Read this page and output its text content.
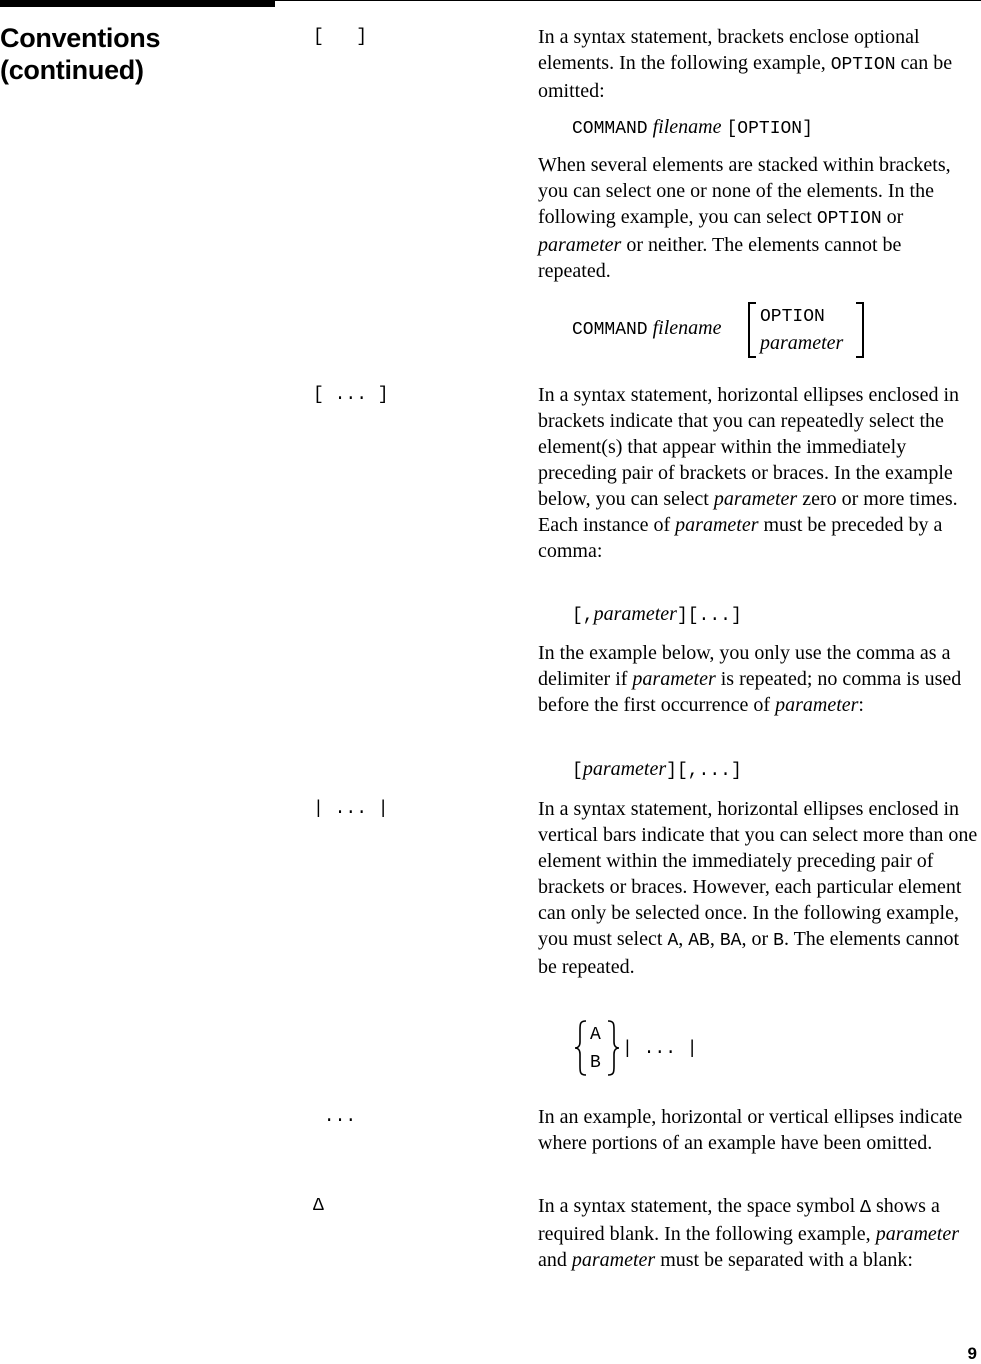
Conventions
(continued)
[   ]	In a syntax statement, brackets enclose optional elements. In the following example, OPTION can be omitted:

COMMAND filename [OPTION]

When several elements are stacked within brackets, you can select one or none of the elements. In the following example, you can select OPTION or parameter or neither. The elements cannot be repeated.

COMMAND filename OPTION
parameter
[ ... ]	In a syntax statement, horizontal ellipses enclosed in brackets indicate that you can repeatedly select the element(s) that appear within the immediately preceding pair of brackets or braces. In the example below, you can select parameter zero or more times. Each instance of parameter must be preceded by a comma:

[,parameter][...]

In the example below, you only use the comma as a delimiter if parameter is repeated; no comma is used before the first occurrence of parameter:

[parameter][,...]
| ... |	In a syntax statement, horizontal ellipses enclosed in vertical bars indicate that you can select more than one element within the immediately preceding pair of brackets or braces. However, each particular element can only be selected once. In the following example, you must select A, AB, BA, or B. The elements cannot be repeated.

A
B
| ... |
...	In an example, horizontal or vertical ellipses indicate where portions of an example have been omitted.
Δ	In a syntax statement, the space symbol Δ shows a required blank. In the following example, parameter and parameter must be separated with a blank:

9
